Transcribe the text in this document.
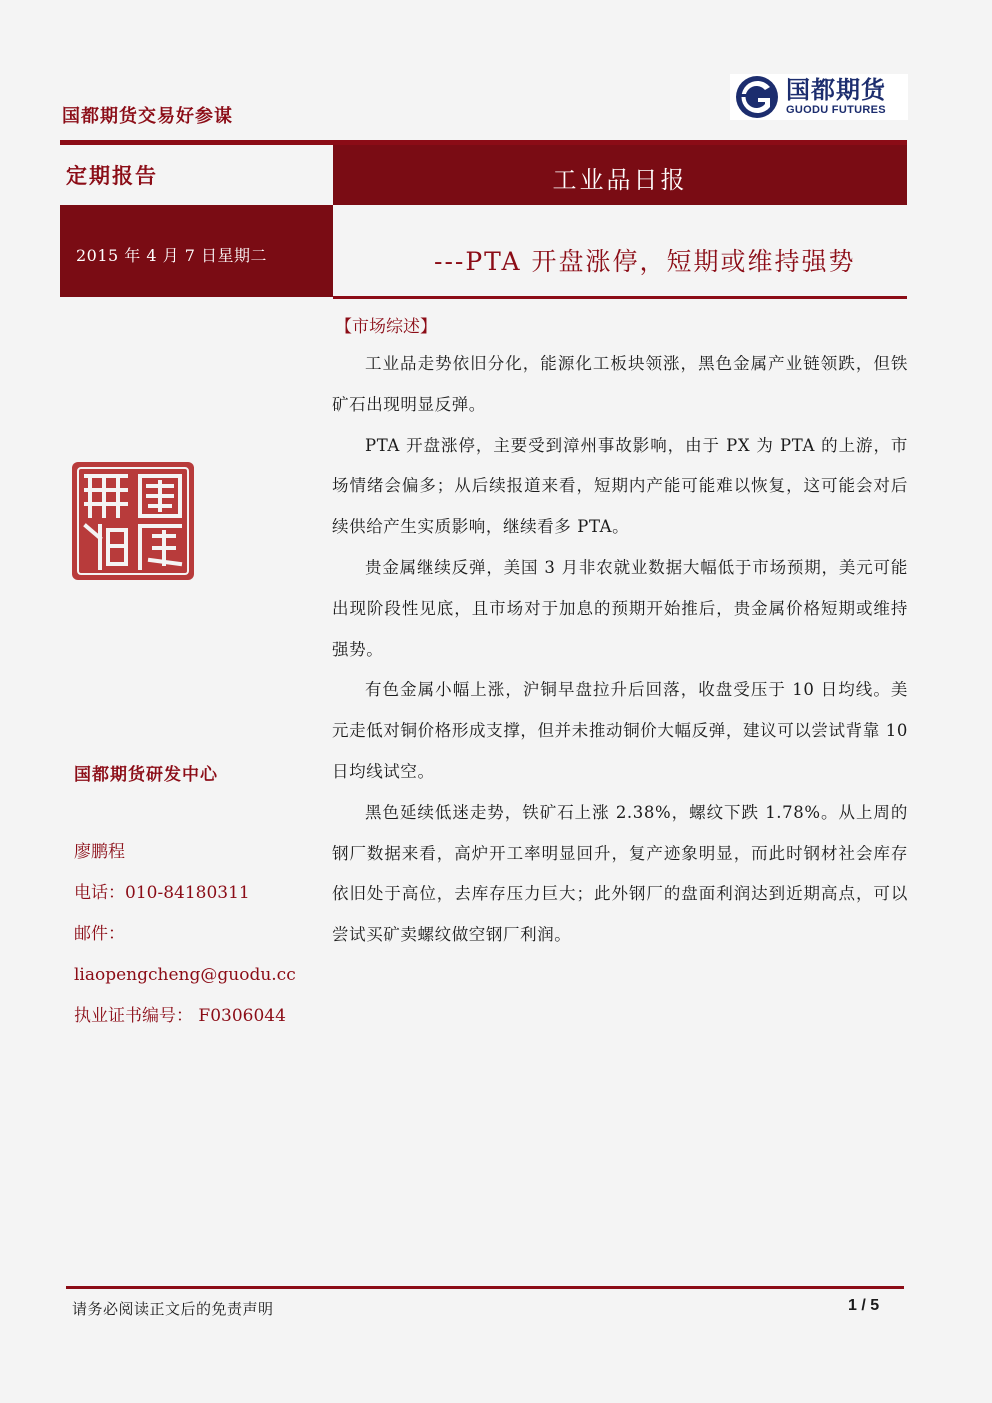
国都期货交易好参谋
国都期货
GUODU FUTURES
定期报告	工业品日报
2015 年 4 月 7 日星期二	---PTA 开盘涨停，短期或维持强势
【市场综述】

工业品走势依旧分化，能源化工板块领涨，黑色金属产业链领跌，但铁矿石出现明显反弹。

PTA 开盘涨停，主要受到漳州事故影响，由于 PX 为 PTA 的上游，市场情绪会偏多；从后续报道来看，短期内产能可能难以恢复，这可能会对后续供给产生实质影响，继续看多 PTA。

贵金属继续反弹，美国 3 月非农就业数据大幅低于市场预期，美元可能出现阶段性见底，且市场对于加息的预期开始推后，贵金属价格短期或维持强势。

有色金属小幅上涨，沪铜早盘拉升后回落，收盘受压于 10 日均线。美元走低对铜价格形成支撑，但并未推动铜价大幅反弹，建议可以尝试背靠 10 日均线试空。

黑色延续低迷走势，铁矿石上涨 2.38%，螺纹下跌 1.78%。从上周的钢厂数据来看，高炉开工率明显回升，复产迹象明显，而此时钢材社会库存依旧处于高位，去库存压力巨大；此外钢厂的盘面利润达到近期高点，可以尝试买矿卖螺纹做空钢厂利润。

国都期货研发中心
廖鹏程
电话：010-84180311
邮件：
liaopengcheng@guodu.cc
执业证书编号： F0306044
请务必阅读正文后的免责声明	1 / 5
